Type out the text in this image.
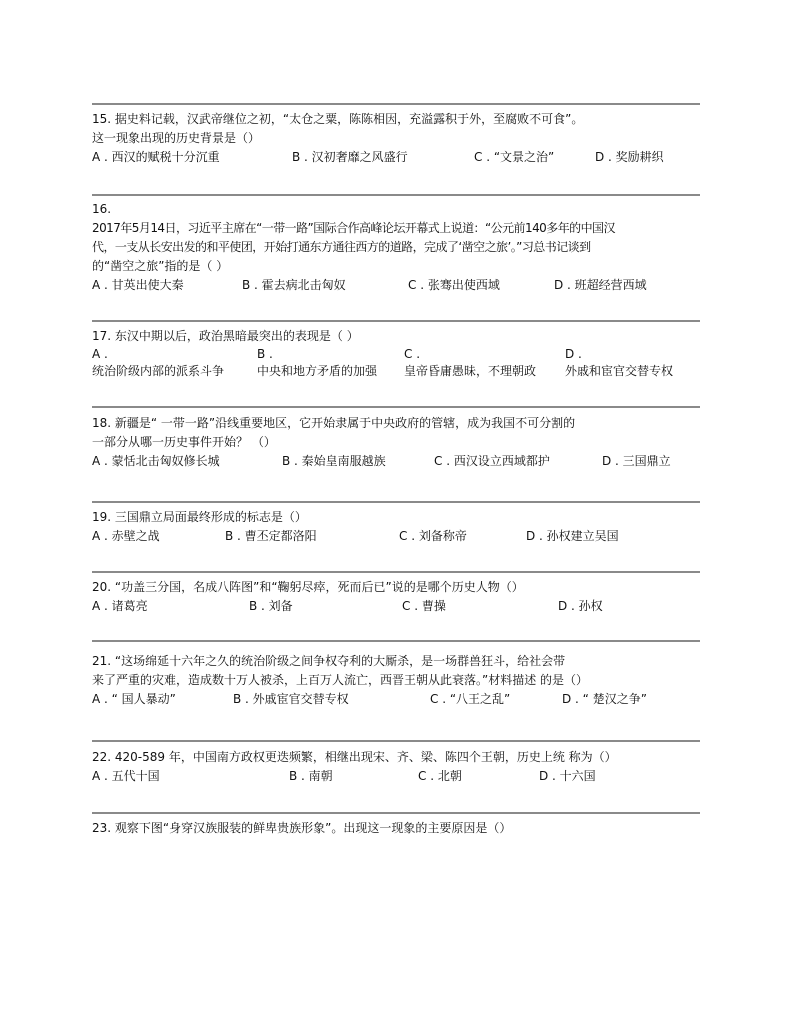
15. 据史料记载，汉武帝继位之初，“太仓之粟，陈陈相因，充溢露积于外，至腐败不可食”。

这一现象出现的历史背景是（）

A . 西汉的赋税十分沉重	B . 汉初奢靡之风盛行	C . “文景之治”	D . 奖励耕织

16.

2017年5月14日，习近平主席在“一带一路”国际合作高峰论坛开幕式上说道：“公元前140多年的中国汉

代，一支从长安出发的和平使团，开始打通东方通往西方的道路，完成了‘凿空之旅’。”习总书记谈到

的“凿空之旅”指的是（ ）

A . 甘英出使大秦	B . 霍去病北击匈奴	C . 张骞出使西域	D . 班超经营西域

17. 东汉中期以后，政治黑暗最突出的表现是（ ）

A .
统治阶级内部的派系斗争
B .
中央和地方矛盾的加强
C .
皇帝昏庸愚昧，不理朝政
D .
外戚和宦官交替专权

18. 新疆是“ 一带一路”沿线重要地区，它开始隶属于中央政府的管辖，成为我国不可分割的

一部分从哪一历史事件开始？ （）

A . 蒙恬北击匈奴修长城	B . 秦始皇南服越族	C . 西汉设立西域都护	D . 三国鼎立

19. 三国鼎立局面最终形成的标志是（）

A . 赤壁之战	B . 曹丕定都洛阳	C . 刘备称帝	D . 孙权建立吴国

20. “功盖三分国，名成八阵图”和“鞠躬尽瘁，死而后已”说的是哪个历史人物（）

A . 诸葛亮	B . 刘备	C . 曹操	D . 孙权

21. “这场绵延十六年之久的统治阶级之间争权夺利的大厮杀，是一场群兽狂斗，给社会带

来了严重的灾难，造成数十万人被杀，上百万人流亡，西晋王朝从此衰落。”材料描述 的是（）

A . “ 国人暴动”	B . 外戚宦官交替专权	C . “八王之乱”	D . “ 楚汉之争”

22. 420-589 年，中国南方政权更迭频繁，相继出现宋、齐、梁、陈四个王朝，历史上统 称为（）

A . 五代十国	B . 南朝	C . 北朝	D . 十六国

23. 观察下图“身穿汉族服装的鲜卑贵族形象”。出现这一现象的主要原因是（）
